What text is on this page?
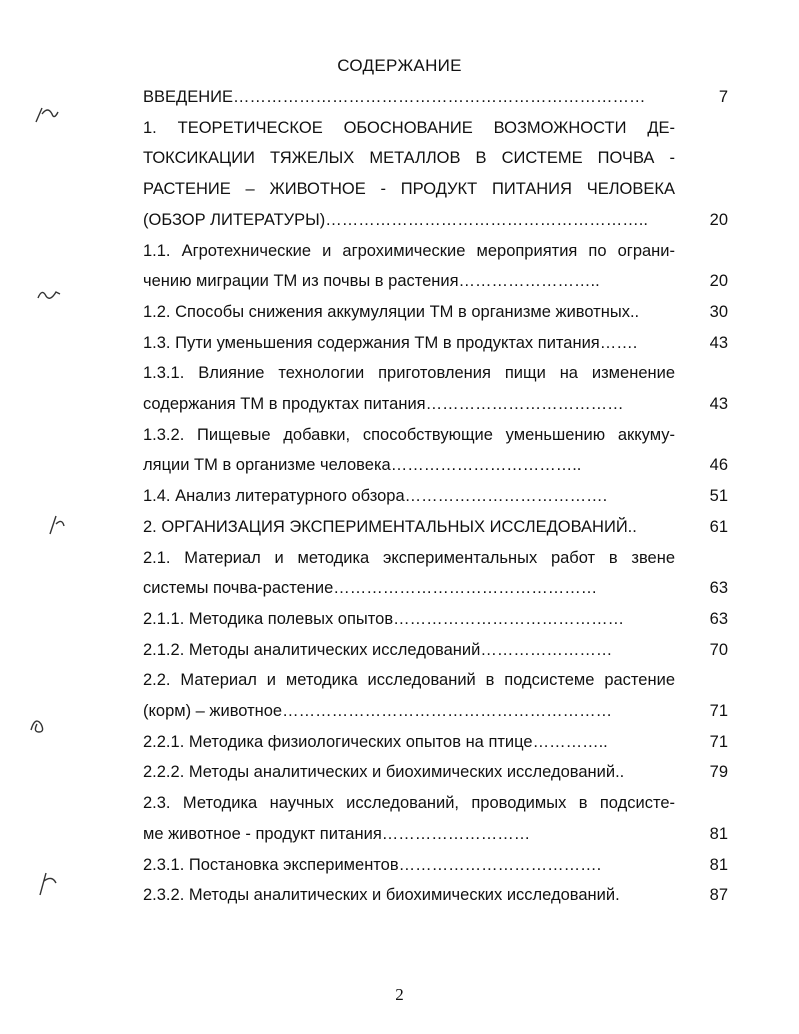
СОДЕРЖАНИЕ
ВВЕДЕНИЕ…………………………………………………………………	7
1. ТЕОРЕТИЧЕСКОЕ ОБОСНОВАНИЕ ВОЗМОЖНОСТИ ДЕ-
ТОКСИКАЦИИ ТЯЖЕЛЫХ МЕТАЛЛОВ В СИСТЕМЕ ПОЧВА -
РАСТЕНИЕ – ЖИВОТНОЕ - ПРОДУКТ ПИТАНИЯ ЧЕЛОВЕКА
(ОБЗОР ЛИТЕРАТУРЫ)…………………………………………………..	20
1.1. Агротехнические и агрохимические мероприятия по ограни-
чению миграции ТМ из почвы в растения……………………..	20
1.2. Способы снижения аккумуляции ТМ в организме животных..	30
1.3. Пути уменьшения содержания ТМ в продуктах питания…….	43
1.3.1. Влияние технологии приготовления пищи на изменение
содержания ТМ в продуктах питания………………………………	43
1.3.2. Пищевые добавки, способствующие уменьшению аккуму-
ляции ТМ в организме человека……………………………..	46
1.4. Анализ литературного обзора……………………………….	51
2. ОРГАНИЗАЦИЯ ЭКСПЕРИМЕНТАЛЬНЫХ ИССЛЕДОВАНИЙ..	61
2.1. Материал и методика экспериментальных работ в звене
системы почва-растение…………………………………………	63
2.1.1. Методика полевых опытов……………………………………	63
2.1.2. Методы аналитических исследований……………………	70
2.2. Материал и методика исследований в подсистеме растение
(корм) – животное……………………………………………………	71
2.2.1. Методика физиологических опытов на птице…………..	71
2.2.2. Методы аналитических и биохимических исследований..	79
2.3. Методика научных исследований, проводимых в подсисте-
ме животное - продукт питания………………………	81
2.3.1. Постановка экспериментов……………………………….	81
2.3.2. Методы аналитических и биохимических исследований.	87
2
